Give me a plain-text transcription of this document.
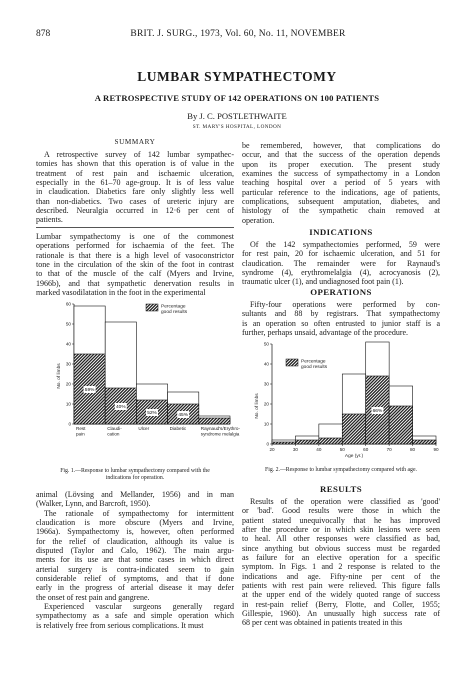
878	BRIT. J. SURG., 1973, Vol. 60, No. 11, NOVEMBER
LUMBAR SYMPATHECTOMY
A RETROSPECTIVE STUDY OF 142 OPERATIONS ON 100 PATIENTS
By J. C. POSTLETHWAITE
ST. MARY'S HOSPITAL, LONDON
SUMMARY
A retrospective survey of 142 lumbar sympathec-
tomies has shown that this operation is of value in the
treatment of rest pain and ischaemic ulceration,
especially in the 61–70 age-group. It is of less value
in claudication. Diabetics fare only slightly less well
than non-diabetics. Two cases of ureteric injury are
described. Neuralgia occurred in 12·6 per cent of
patients.
Lumbar sympathectomy is one of the commonest
operations performed for ischaemia of the feet. The
rationale is that there is a high level of vasoconstrictor
tone in the circulation of the skin of the foot in contrast
to that of the muscle of the calf (Myers and Irvine,
1966b), and that sympathetic denervation results in
marked vasodilatation in the foot in the experimental
0
10
20
30
40
50
60
No. of limbs
59%
Rest
pain
40%
Claudi-
cation
52%
Ulcer
45%
Diabetic	Raynaud's/Erythro-
syndrome melalgia
Percentage
good results
Fig. 1.—Response to lumbar sympathectomy compared with the
indications for operation.
animal (Lövsing and Mellander, 1956) and in man
(Walker, Lynn, and Barcroft, 1950).
The rationale of sympathectomy for intermittent
claudication is more obscure (Myers and Irvine,
1966a). Sympathectomy is, however, often performed
for the relief of claudication, although its value is
disputed (Taylor and Calo, 1962). The main argu-
ments for its use are that some cases in which direct
arterial surgery is contra-indicated seem to gain
considerable relief of symptoms, and that if done
early in the progress of arterial disease it may defer
the onset of rest pain and gangrene.
Experienced vascular surgeons generally regard
sympathectomy as a safe and simple operation which
is relatively free from serious complications. It must
be remembered, however, that complications do
occur, and that the success of the operation depends
upon its proper execution. The present study
examines the success of sympathectomy in a London
teaching hospital over a period of 5 years with
particular reference to the indications, age of patients,
complications, subsequent amputation, diabetes, and
histology of the sympathetic chain removed at
operation.
INDICATIONS
Of the 142 sympathectomies performed, 59 were
for rest pain, 20 for ischaemic ulceration, and 51 for
claudication. The remainder were for Raynaud's
syndrome (4), erythromelalgia (4), acrocyanosis (2),
traumatic ulcer (1), and undiagnosed foot pain (1).
OPERATIONS
Fifty-four operations were performed by con-
sultants and 88 by registrars. That sympathectomy
is an operation so often entrusted to junior staff is a
further, perhaps unsaid, advantage of the procedure.
0
10
20
30
40
50
20	30	40	50	60	70	80	90
Age (yr.)
No. of limbs	66%
Percentage
good results
Fig. 2.—Response to lumbar sympathectomy compared with age.
RESULTS
Results of the operation were classified as 'good'
or 'bad'. Good results were those in which the
patient stated unequivocally that he has improved
after the procedure or in which skin lesions were seen
to heal. All other responses were classified as bad,
since anything but obvious success must be regarded
as failure for an elective operation for a specific
symptom. In Figs. 1 and 2 response is related to the
indications and age. Fifty-nine per cent of the
patients with rest pain were relieved. This figure falls
at the upper end of the widely quoted range of success
in rest-pain relief (Berry, Flotte, and Coller, 1955;
Gillespie, 1960). An unusually high success rate of
68 per cent was obtained in patients treated in this
